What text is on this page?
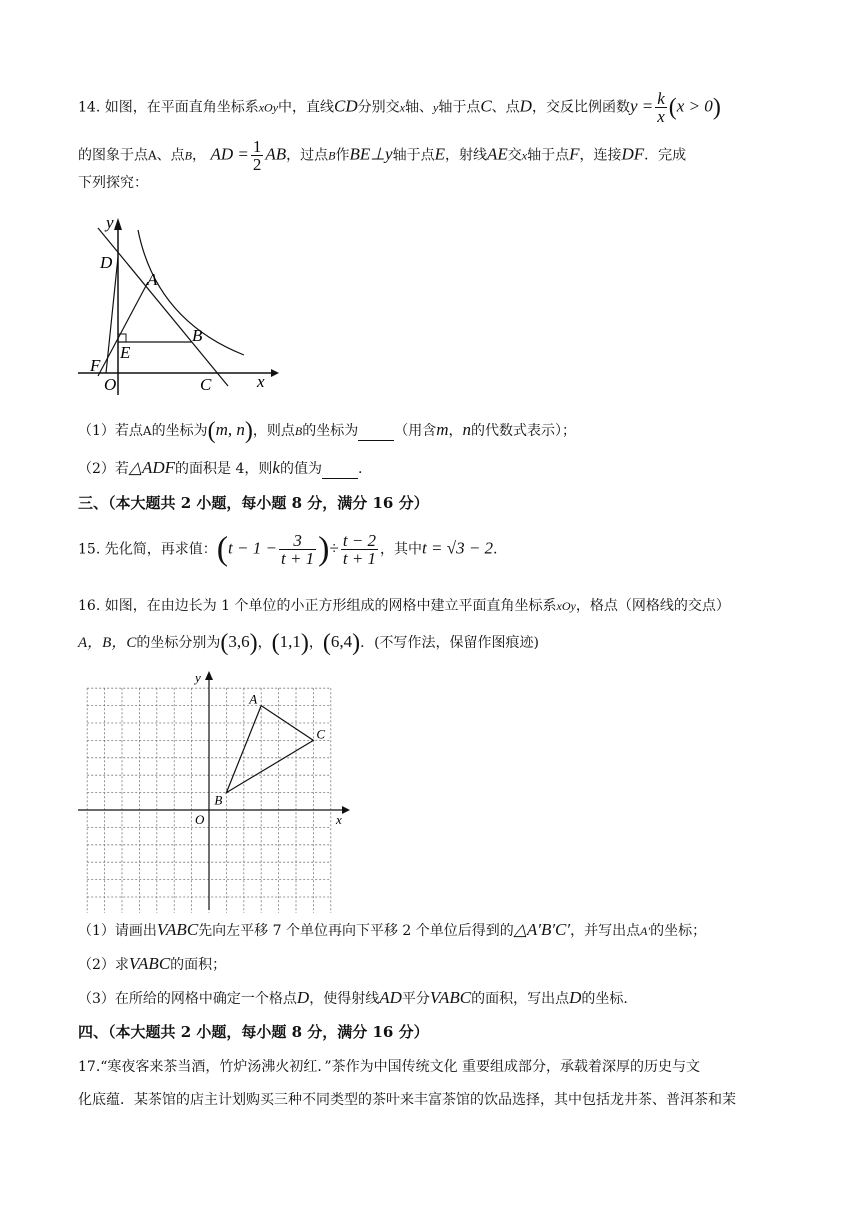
14. 如图，在平面直角坐标系xOy中，直线CD分别交x轴、y轴于点C、点D，交反比例函数$y = \frac{k}{x} (x > 0)$
的图象于点A、点B， AD = $\frac{1}{2}$ AB，过点B作BE⊥y轴于点E，射线AE交x轴于点F，连接DF．完成
下列探究：
y
D
A
B
E
F
O	C	x
（1）若点A的坐标为(m, n)，则点B的坐标为	（用含m，n的代数式表示）；
（2）若△ADF的面积是 4，则k的值为	.
三、（本大题共 2 小题，每小题 8 分，满分 16 分）
15. 先化简，再求值：($t - 1 - \frac{3}{t + 1}$ )÷ $\frac{t - 2}{t + 1}$ ，其中t = √3 − 2.
16. 如图，在由边长为 1 个单位的小正方形组成的网格中建立平面直角坐标系xOy，格点（网格线的交点）
A，B，C的坐标分别为(3,6)，(1,1)，(6,4)．(不写作法，保留作图痕迹)
y
A
B
C
O	x
（1）请画出VABC先向左平移 7 个单位再向下平移 2 个单位后得到的△A′B′C′，并写出点A′的坐标；
（2）求VABC的面积；
（3）在所给的网格中确定一个格点D，使得射线AD平分VABC的面积，写出点D的坐标.
四、（本大题共 2 小题，每小题 8 分，满分 16 分）
17.“寒夜客来茶当酒，竹炉汤沸火初红．”茶作为中国传统文化 重要组成部分，承载着深厚的历史与文
化底蕴．某茶馆的店主计划购买三种不同类型的茶叶来丰富茶馆的饮品选择，其中包括龙井茶、普洱茶和茉
